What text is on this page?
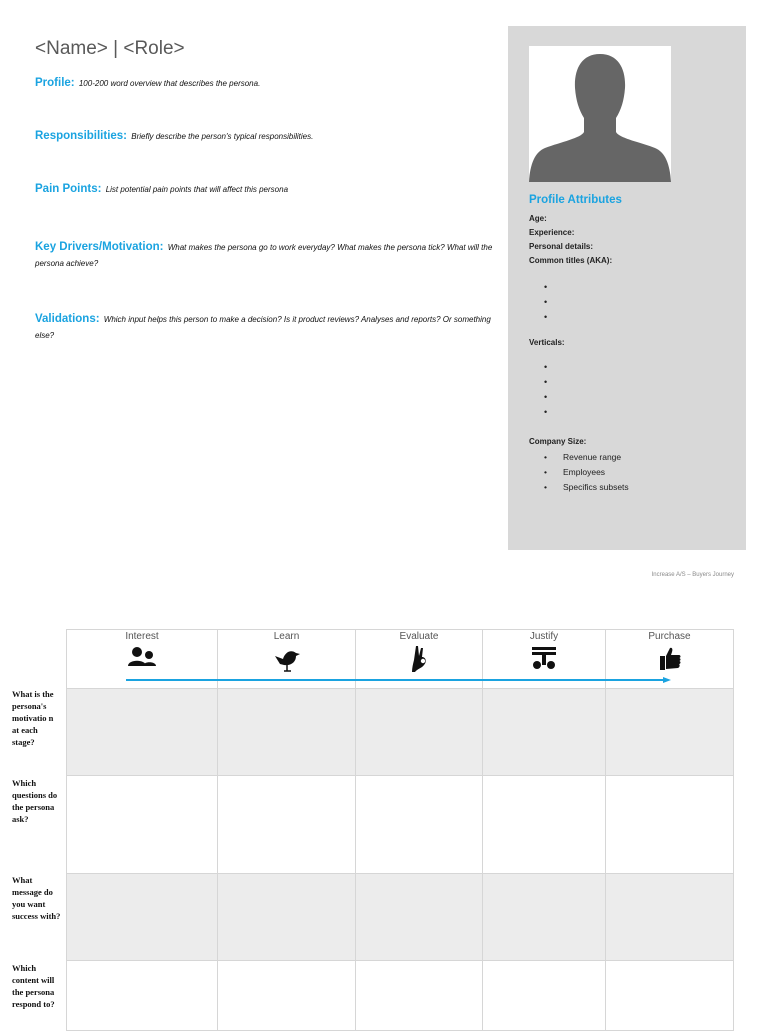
<Name> | <Role>
Profile: 100-200 word overview that describes the persona.
Responsibilities: Briefly describe the person's typical responsibilities.
Pain Points: List potential pain points that will affect this persona
Key Drivers/Motivation: What makes the persona go to work everyday? What makes the persona tick? What will the persona achieve?
Validations: Which input helps this person to make a decision? Is it product reviews? Analyses and reports? Or something else?
Profile Attributes
Age:
Experience:
Personal details:
Common titles (AKA):
•
•
•
Verticals:
•
•
•
•
Company Size:
• Revenue range
• Employees
• Specifics subsets
Increase A/S – Buyers Journey
Interest	Learn	Evaluate	Justify	Purchase

What is the persona's motivatio n at each stage?
Which questions do the persona ask?
What message do you want success with?
Which content will the persona respond to?
